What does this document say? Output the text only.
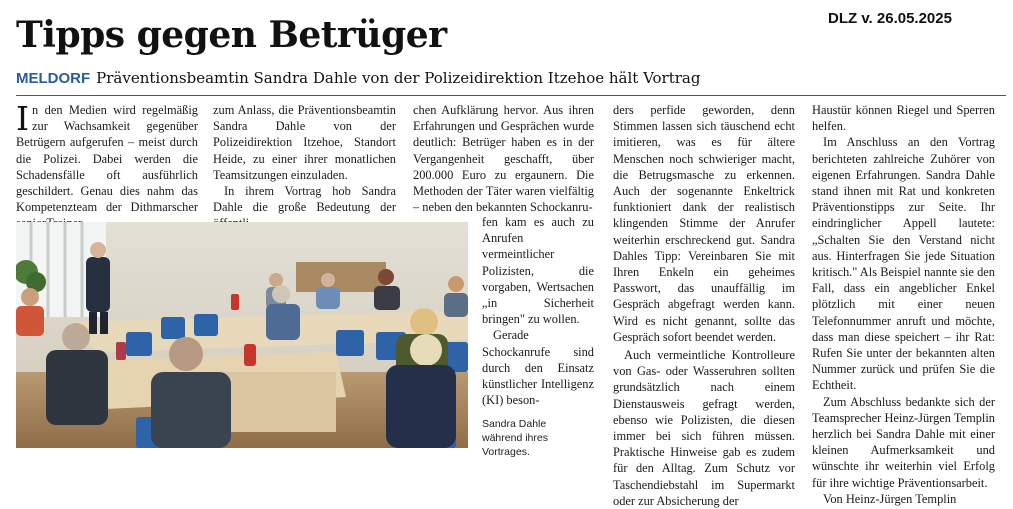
DLZ v. 26.05.2025
Tipps gegen Betrüger
MELDORF Präventionsbeamtin Sandra Dahle von der Polizeidirektion Itzehoe hält Vortrag

In den Medien wird regelmäßig zur Wachsamkeit gegenüber Betrügern aufgerufen – meist durch die Polizei. Dabei werden die Schadensfälle oft ausführlich geschildert. Genau dies nahm das Kompetenzteam der Dithmarscher

zum Anlass, die Präventionsbeamtin Sandra Dahle von der Polizeidirektion Itzehoe, Standort Heide, zu einer ihrer monatlichen Teamsitzungen einzuladen.

In ihrem Vortrag hob Sandra Dahle die große Bedeutung der

chen Aufklärung hervor. Aus ihren Erfahrungen und Gesprächen wurde deutlich: Betrüger haben es in der Vergangenheit geschafft, über 200.000 Euro zu ergaunern. Die Methoden der Täter waren vielfältig – neben den bekannten Schockanru-

fen kam es auch zu Anrufen vermeintlicher Polizisten, die vorgaben, Wertsachen „in Sicherheit bringen" zu wollen.

Gerade Schockanrufe sind durch den Einsatz künstlicher Intelligenz (KI) beson-

ders perfide geworden, denn Stimmen lassen sich täuschend echt imitieren, was es für ältere Menschen noch schwieriger macht, die Betrugsmasche zu erkennen. Auch der sogenannte Enkeltrick funktioniert dank der realistisch klingenden Stimme der Anrufer weiterhin erschreckend gut. Sandra Dahles Tipp: Vereinbaren Sie mit Ihren Enkeln ein geheimes Passwort, das unauffällig im Gespräch abgefragt werden kann. Wird es nicht genannt, sollte das Gespräch sofort beendet werden.

Auch vermeintliche Kontrolleure von Gas- oder Wasseruhren sollten grundsätzlich nach einem Dienstausweis gefragt werden, ebenso wie Polizisten, die diesen immer bei sich führen müssen. Praktische Hinweise gab es zudem für den Alltag. Zum Schutz vor Taschendiebstahl im Supermarkt oder zur Absicherung der

Haustür können Riegel und Sperren helfen.

Im Anschluss an den Vortrag berichteten zahlreiche Zuhörer von eigenen Erfahrungen. Sandra Dahle stand ihnen mit Rat und konkreten Präventionstipps zur Seite. Ihr eindringlicher Appell lautete: „Schalten Sie den Verstand nicht aus. Hinterfragen Sie jede Situation kritisch." Als Beispiel nannte sie den Fall, dass ein angeblicher Enkel plötzlich mit einer neuen Telefonnummer anruft und möchte, dass man diese speichert – ihr Rat: Rufen Sie unter der bekannten alten Nummer zurück und prüfen Sie die Echtheit.

Zum Abschluss bedankte sich der Teamsprecher Heinz-Jürgen Templin herzlich bei Sandra Dahle mit einer kleinen Aufmerksamkeit und wünschte ihr weiterhin viel Erfolg für ihre wichtige Präventionsarbeit.

Von Heinz-Jürgen Templin

Sandra Dahle während ihres Vortrages.
